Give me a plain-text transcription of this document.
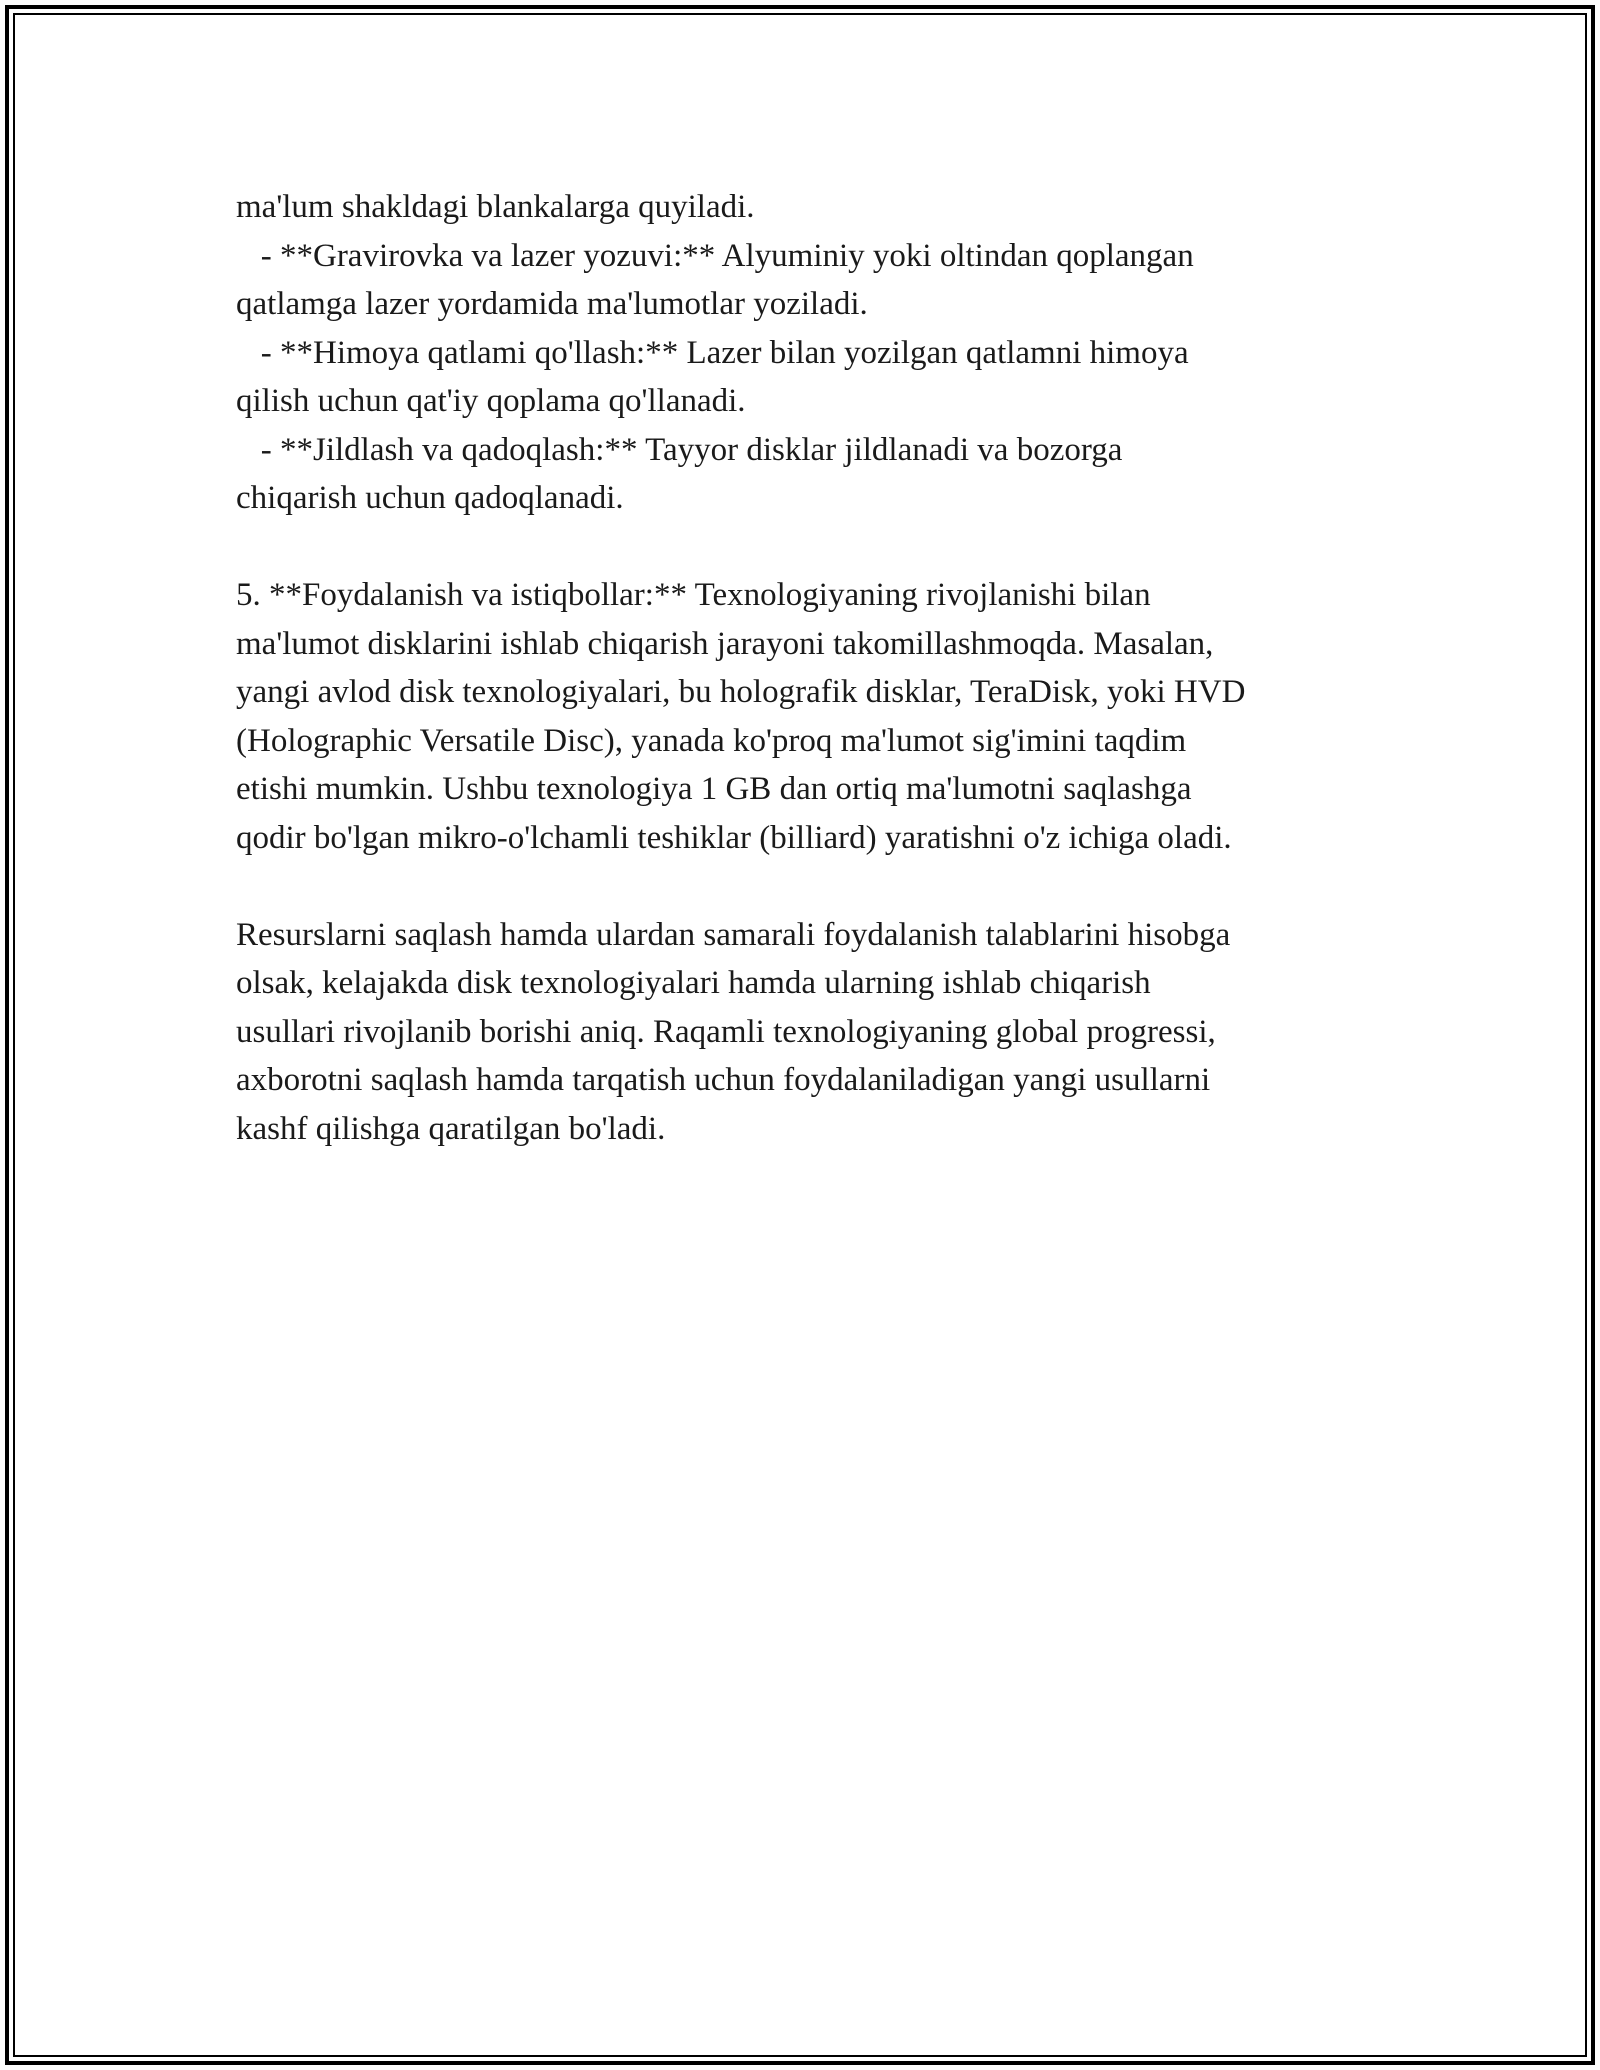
ma'lum shakldagi blankalarga quyiladi.
- **Gravirovka va lazer yozuvi:** Alyuminiy yoki oltindan qoplangan
qatlamga lazer yordamida ma'lumotlar yoziladi.
- **Himoya qatlami qo'llash:** Lazer bilan yozilgan qatlamni himoya
qilish uchun qat'iy qoplama qo'llanadi.
- **Jildlash va qadoqlash:** Tayyor disklar jildlanadi va bozorga
chiqarish uchun qadoqlanadi.
5. **Foydalanish va istiqbollar:** Texnologiyaning rivojlanishi bilan
ma'lumot disklarini ishlab chiqarish jarayoni takomillashmoqda. Masalan,
yangi avlod disk texnologiyalari, bu holografik disklar, TeraDisk, yoki HVD
(Holographic Versatile Disc), yanada ko'proq ma'lumot sig'imini taqdim
etishi mumkin. Ushbu texnologiya 1 GB dan ortiq ma'lumotni saqlashga
qodir bo'lgan mikro-o'lchamli teshiklar (billiard) yaratishni o'z ichiga oladi.
Resurslarni saqlash hamda ulardan samarali foydalanish talablarini hisobga
olsak, kelajakda disk texnologiyalari hamda ularning ishlab chiqarish
usullari rivojlanib borishi aniq. Raqamli texnologiyaning global progressi,
axborotni saqlash hamda tarqatish uchun foydalaniladigan yangi usullarni
kashf qilishga qaratilgan bo'ladi.
